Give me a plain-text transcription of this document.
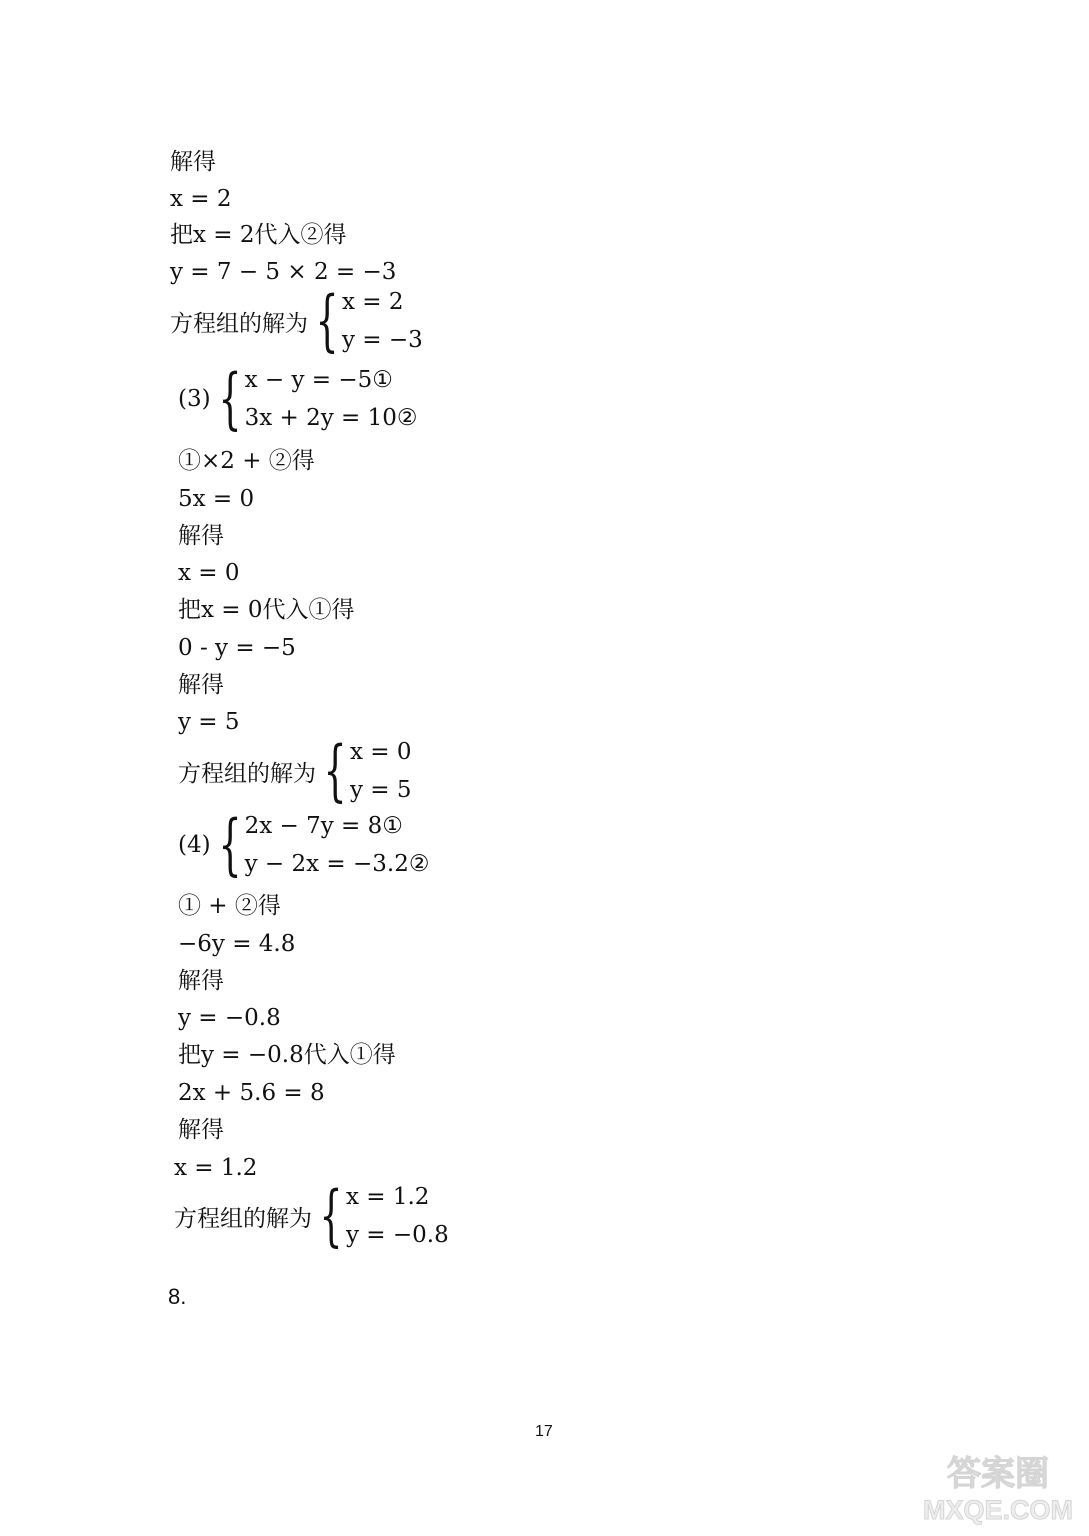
解得
x = 2
把x = 2代入②得
y = 7 − 5 × 2 = −3
方程组的解为 { x = 2
y = −3
(3) { x − y = −5①
3x + 2y = 10②
①×2 + ②得
5x = 0
解得
x = 0
把x = 0代入①得
0 - y = −5
解得
y = 5
方程组的解为 { x = 0
y = 5
(4) { 2x − 7y = 8①
y − 2x = −3.2②
① + ②得
−6y = 4.8
解得
y = −0.8
把y = −0.8代入①得
2x + 5.6 = 8
解得
x = 1.2
方程组的解为 { x = 1.2
y = −0.8
8.
17
答案圈
MXQE.COM
